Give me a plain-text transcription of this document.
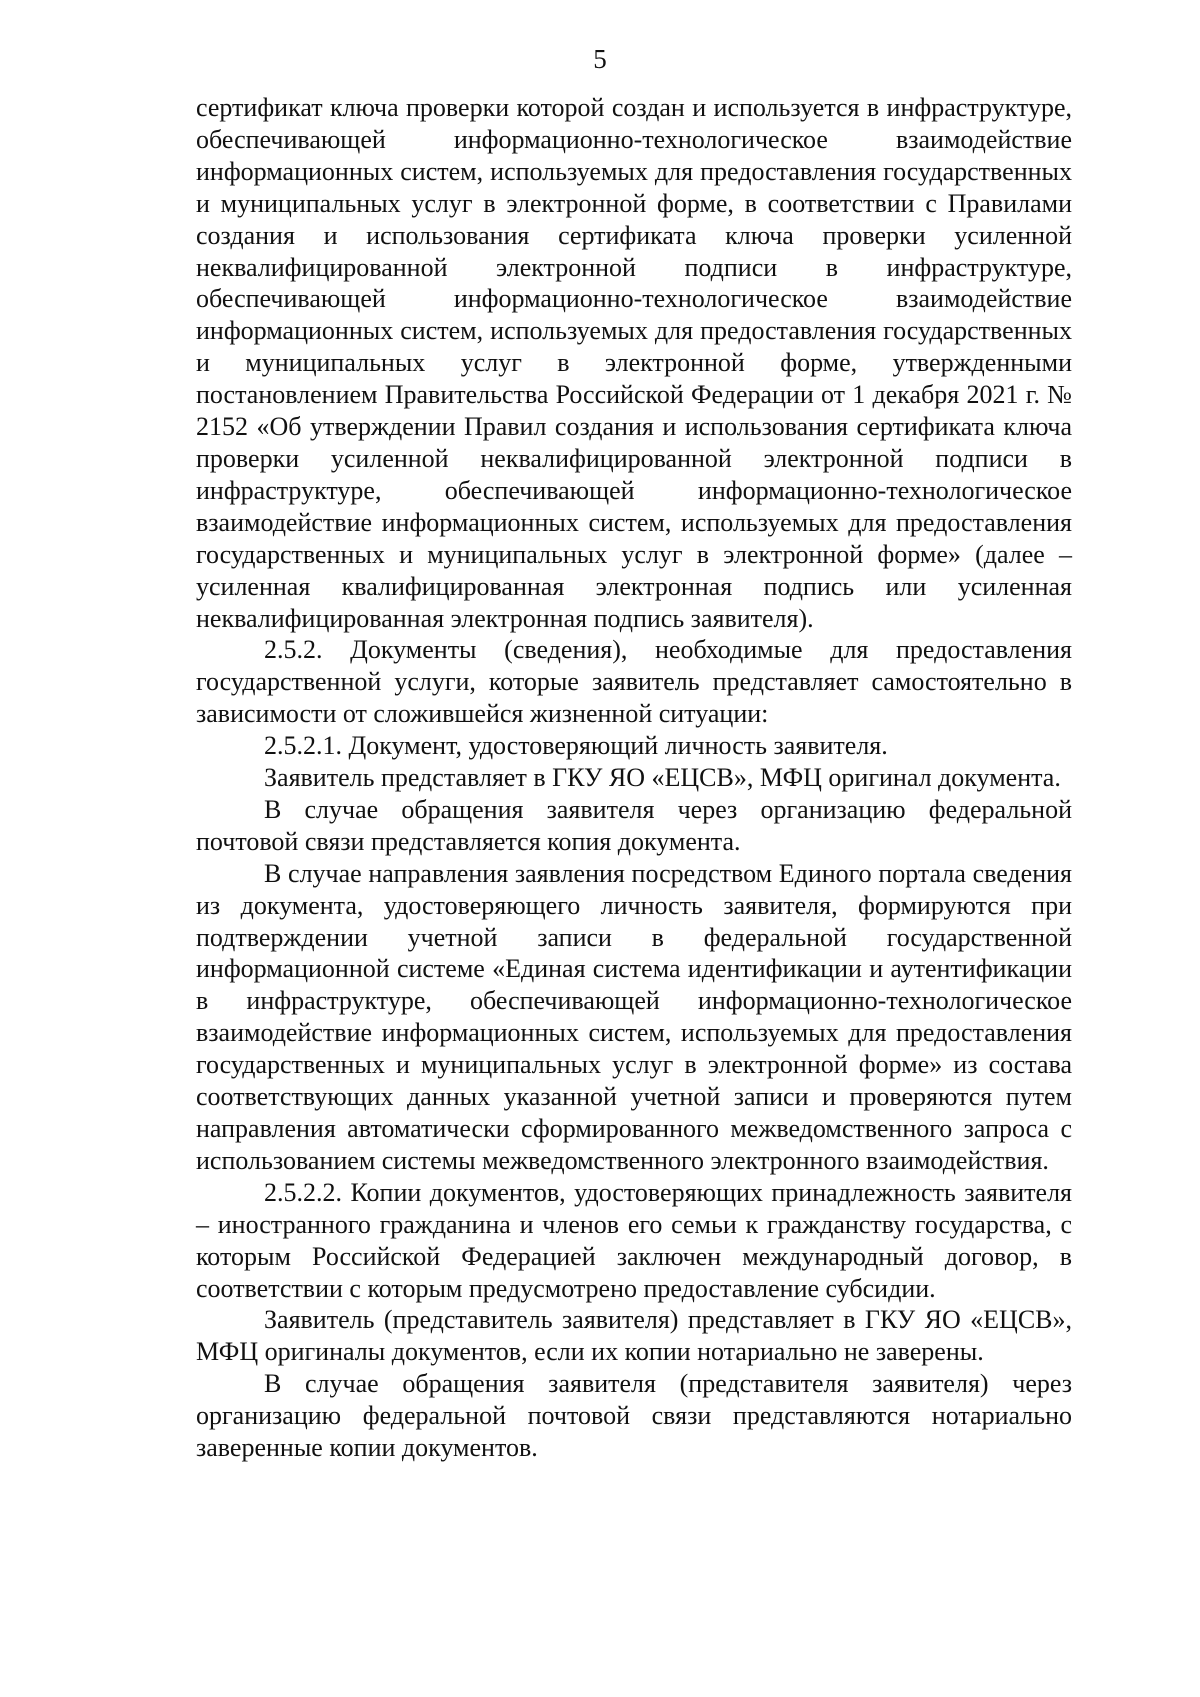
5

сертификат ключа проверки которой создан и используется в инфраструктуре, обеспечивающей информационно-технологическое взаимодействие информационных систем, используемых для предоставления государственных и муниципальных услуг в электронной форме, в соответствии с Правилами создания и использования сертификата ключа проверки усиленной неквалифицированной электронной подписи в инфраструктуре, обеспечивающей информационно-технологическое взаимодействие информационных систем, используемых для предоставления государственных и муниципальных услуг в электронной форме, утвержденными постановлением Правительства Российской Федерации от 1 декабря 2021 г. № 2152 «Об утверждении Правил создания и использования сертификата ключа проверки усиленной неквалифицированной электронной подписи в инфраструктуре, обеспечивающей информационно-технологическое взаимодействие информационных систем, используемых для предоставления государственных и муниципальных услуг в электронной форме» (далее – усиленная квалифицированная электронная подпись или усиленная неквалифицированная электронная подпись заявителя).

2.5.2. Документы (сведения), необходимые для предоставления государственной услуги, которые заявитель представляет самостоятельно в зависимости от сложившейся жизненной ситуации:

2.5.2.1. Документ, удостоверяющий личность заявителя.

Заявитель представляет в ГКУ ЯО «ЕЦСВ», МФЦ оригинал документа.

В случае обращения заявителя через организацию федеральной почтовой связи представляется копия документа.

В случае направления заявления посредством Единого портала сведения из документа, удостоверяющего личность заявителя, формируются при подтверждении учетной записи в федеральной государственной информационной системе «Единая система идентификации и аутентификации в инфраструктуре, обеспечивающей информационно-технологическое взаимодействие информационных систем, используемых для предоставления государственных и муниципальных услуг в электронной форме» из состава соответствующих данных указанной учетной записи и проверяются путем направления автоматически сформированного межведомственного запроса с использованием системы межведомственного электронного взаимодействия.

2.5.2.2. Копии документов, удостоверяющих принадлежность заявителя – иностранного гражданина и членов его семьи к гражданству государства, с которым Российской Федерацией заключен международный договор, в соответствии с которым предусмотрено предоставление субсидии.

Заявитель (представитель заявителя) представляет в ГКУ ЯО «ЕЦСВ», МФЦ оригиналы документов, если их копии нотариально не заверены.

В случае обращения заявителя (представителя заявителя) через организацию федеральной почтовой связи представляются нотариально заверенные копии документов.
